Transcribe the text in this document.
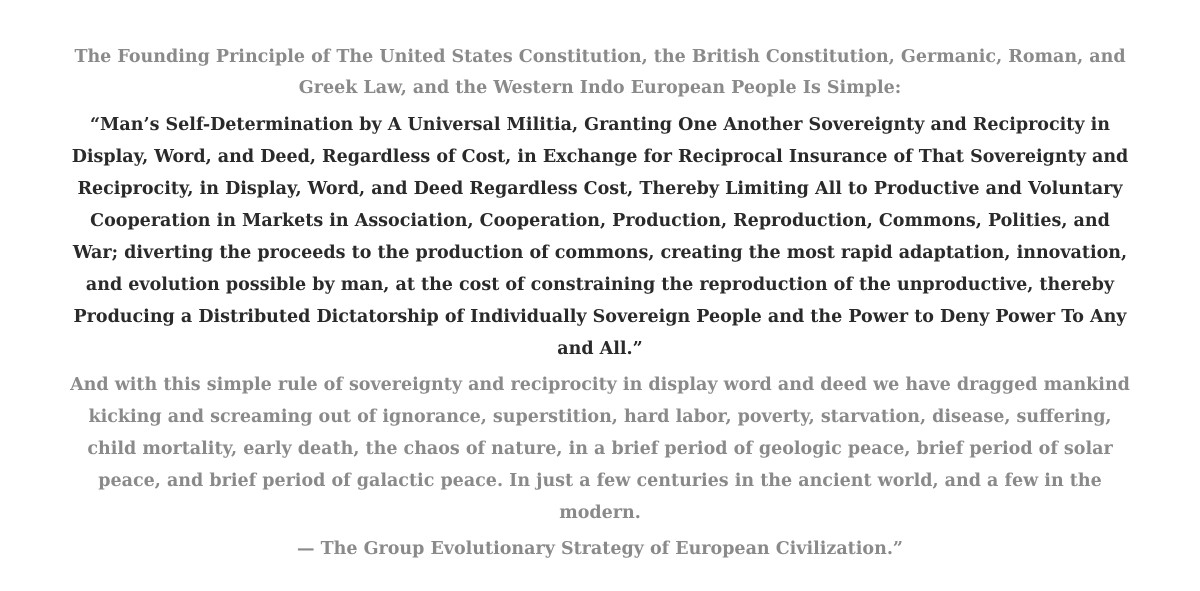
The Founding Principle of The United States Constitution, the British Constitution, Germanic, Roman, and Greek Law, and the Western Indo European People Is Simple:

“Man’s Self-Determination by A Universal Militia, Granting One Another Sovereignty and Reciprocity in Display, Word, and Deed, Regardless of Cost, in Exchange for Reciprocal Insurance of That Sovereignty and Reciprocity, in Display, Word, and Deed Regardless Cost, Thereby Limiting All to Productive and Voluntary Cooperation in Markets in Association, Cooperation, Production, Reproduction, Commons, Polities, and War; diverting the proceeds to the production of commons, creating the most rapid adaptation, innovation, and evolution possible by man, at the cost of constraining the reproduction of the unproductive, thereby Producing a Distributed Dictatorship of Individually Sovereign People and the Power to Deny Power To Any and All.”

And with this simple rule of sovereignty and reciprocity in display word and deed we have dragged mankind kicking and screaming out of ignorance, superstition, hard labor, poverty, starvation, disease, suffering, child mortality, early death, the chaos of nature, in a brief period of geologic peace, brief period of solar peace, and brief period of galactic peace. In just a few centuries in the ancient world, and a few in the modern.

— The Group Evolutionary Strategy of European Civilization.”
